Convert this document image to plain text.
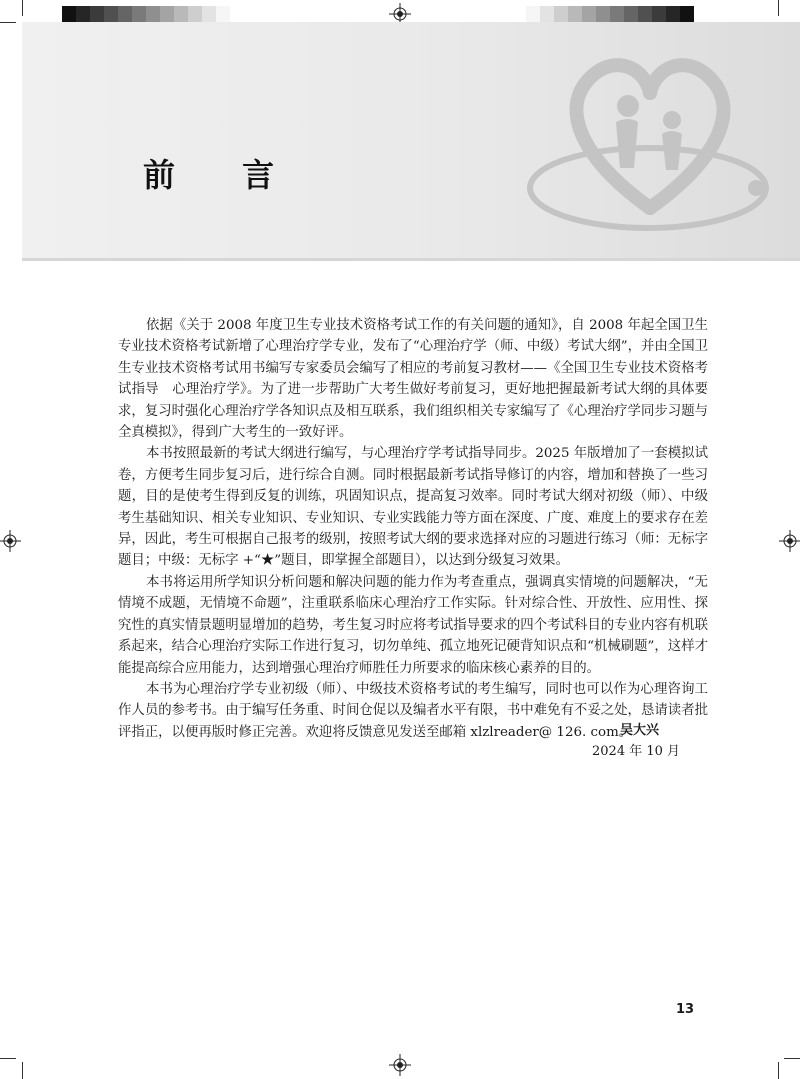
前 言

依据《关于 2008 年度卫生专业技术资格考试工作的有关问题的通知》，自 2008 年起全国卫生专业技术资格考试新增了心理治疗学专业，发布了“心理治疗学（师、中级）考试大纲”，并由全国卫生专业技术资格考试用书编写专家委员会编写了相应的考前复习教材——《全国卫生专业技术资格考试指导　心理治疗学》。为了进一步帮助广大考生做好考前复习，更好地把握最新考试大纲的具体要求，复习时强化心理治疗学各知识点及相互联系，我们组织相关专家编写了《心理治疗学同步习题与全真模拟》，得到广大考生的一致好评。

本书按照最新的考试大纲进行编写，与心理治疗学考试指导同步。2025 年版增加了一套模拟试卷，方便考生同步复习后，进行综合自测。同时根据最新考试指导修订的内容，增加和替换了一些习题，目的是使考生得到反复的训练，巩固知识点，提高复习效率。同时考试大纲对初级（师）、中级考生基础知识、相关专业知识、专业知识、专业实践能力等方面在深度、广度、难度上的要求存在差异，因此，考生可根据自己报考的级别，按照考试大纲的要求选择对应的习题进行练习（师：无标字题目；中级：无标字 +“★”题目，即掌握全部题目），以达到分级复习效果。

本书将运用所学知识分析问题和解决问题的能力作为考查重点，强调真实情境的问题解决，“无情境不成题，无情境不命题”，注重联系临床心理治疗工作实际。针对综合性、开放性、应用性、探究性的真实情景题明显增加的趋势，考生复习时应将考试指导要求的四个考试科目的专业内容有机联系起来，结合心理治疗实际工作进行复习，切勿单纯、孤立地死记硬背知识点和“机械刷题”，这样才能提高综合应用能力，达到增强心理治疗师胜任力所要求的临床核心素养的目的。

本书为心理治疗学专业初级（师）、中级技术资格考试的考生编写，同时也可以作为心理咨询工作人员的参考书。由于编写任务重、时间仓促以及编者水平有限，书中难免有不妥之处，恳请读者批评指正，以便再版时修正完善。欢迎将反馈意见发送至邮箱 xlzlreader@ 126. com。

吴大兴
2024 年 10 月
13
